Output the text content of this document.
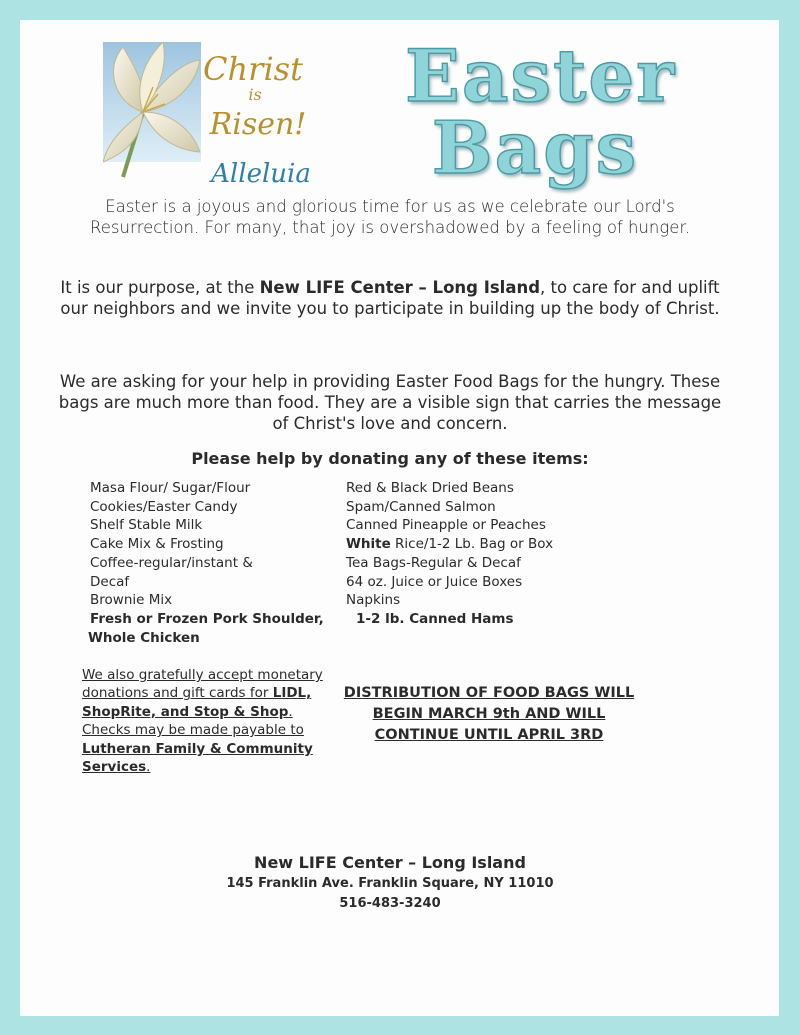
Christ
is
Risen!
Alleluia
Easter
Bags

Easter is a joyous and glorious time for us as we celebrate our Lord's Resurrection. For many, that joy is overshadowed by a feeling of hunger.

It is our purpose, at the New LIFE Center – Long Island, to care for and uplift our neighbors and we invite you to participate in building up the body of Christ.
We are asking for your help in providing Easter Food Bags for the hungry. These bags are much more than food. They are a visible sign that carries the message of Christ's love and concern.
Please help by donating any of these items:
Masa Flour/ Sugar/Flour
Cookies/Easter Candy
Shelf Stable Milk
Cake Mix & Frosting
Coffee-regular/instant &
Decaf
Brownie Mix
Fresh or Frozen Pork Shoulder,
Whole Chicken
Red & Black Dried Beans
Spam/Canned Salmon
Canned Pineapple or Peaches
White Rice/1-2 Lb. Bag or Box
Tea Bags-Regular & Decaf
64 oz. Juice or Juice Boxes
Napkins
1-2 lb. Canned Hams
We also gratefully accept monetary donations and gift cards for LIDL, ShopRite, and Stop & Shop. Checks may be made payable to Lutheran Family & Community Services.
DISTRIBUTION OF FOOD BAGS WILL BEGIN MARCH 9th AND WILL CONTINUE UNTIL APRIL 3RD
New LIFE Center – Long Island
145 Franklin Ave. Franklin Square, NY 11010
516-483-3240
